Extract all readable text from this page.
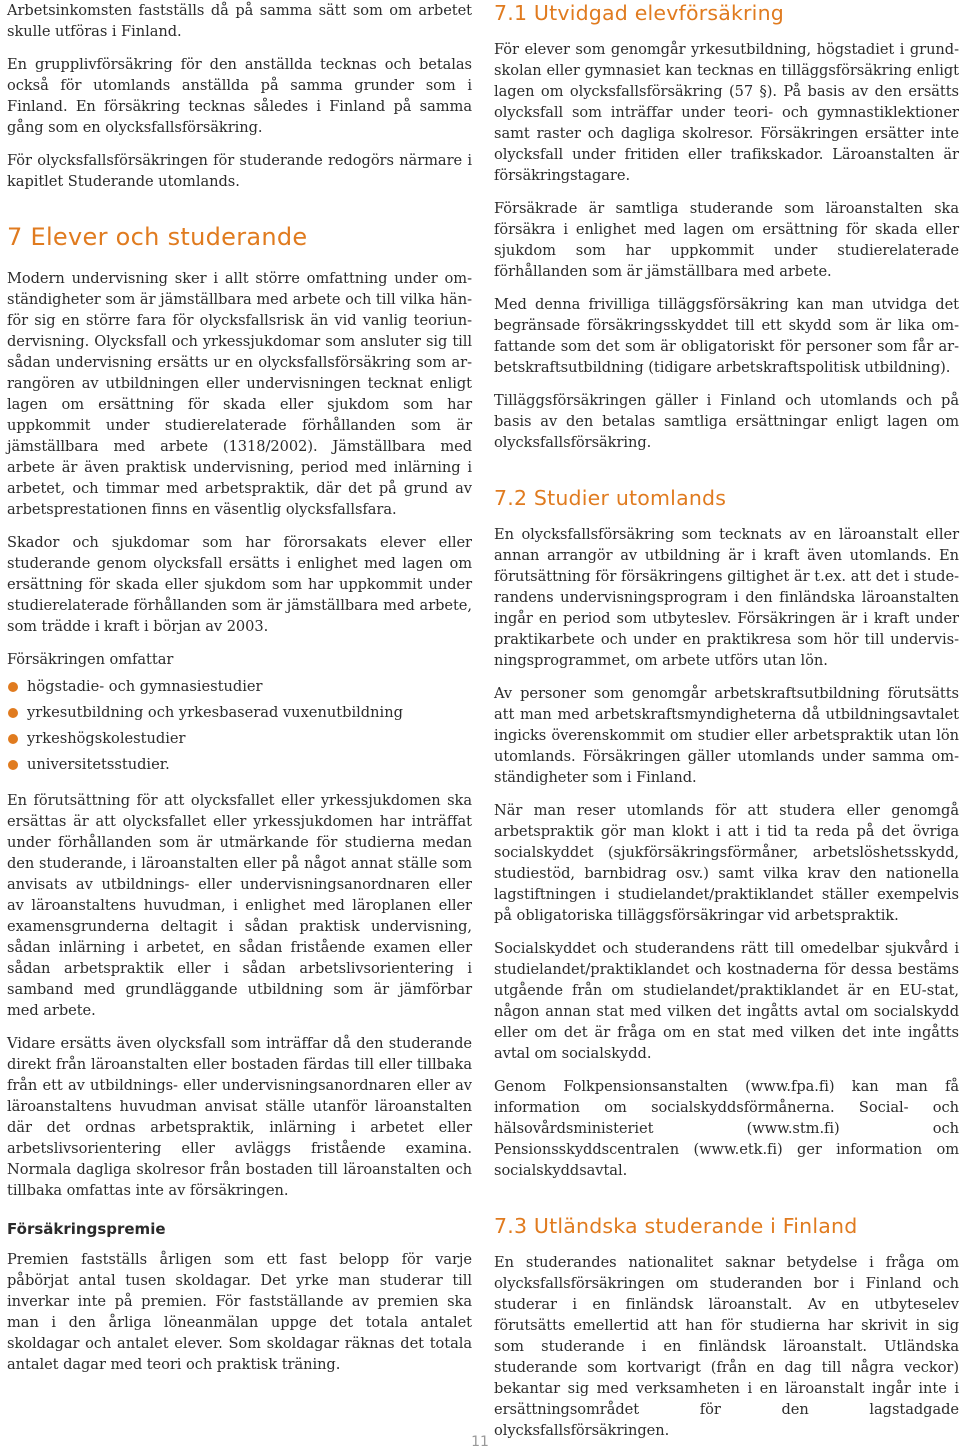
Arbetsinkomsten fastställs då på samma sätt som om arbetet skulle utföras i Finland.

En grupplivförsäkring för den anställda tecknas och betalas också för utomlands anställda på samma grunder som i Finland. En försäkring tecknas således i Finland på samma gång som en olycksfallsförsäkring.

För olycksfallsförsäkringen för studerande redogörs närmare i kapitlet Studerande utomlands.

7 Elever och studerande

Modern undervisning sker i allt större omfattning under omständigheter som är jämställbara med arbete och till vilka hänför sig en större fara för olycksfallsrisk än vid vanlig teoriundervisning. Olycksfall och yrkessjukdomar som ansluter sig till sådan undervisning ersätts ur en olycksfallsförsäkring som arrangören av utbildningen eller undervisningen tecknat enligt lagen om ersättning för skada eller sjukdom som har uppkommit under studierelaterade förhållanden som är jämställbara med arbete (1318/2002). Jämställbara med arbete är även praktisk undervisning, period med inlärning i arbetet, och timmar med arbetspraktik, där det på grund av arbetsprestationen finns en väsentlig olycksfallsfara.

Skador och sjukdomar som har förorsakats elever eller studerande genom olycksfall ersätts i enlighet med lagen om ersättning för skada eller sjukdom som har uppkommit under studierelaterade förhållanden som är jämställbara med arbete, som trädde i kraft i början av 2003.

Försäkringen omfattar

högstadie- och gymnasiestudier
yrkesutbildning och yrkesbaserad vuxenutbildning
yrkeshögskolestudier
universitetsstudier.

En förutsättning för att olycksfallet eller yrkessjukdomen ska ersättas är att olycksfallet eller yrkessjukdomen har inträffat under förhållanden som är utmärkande för studierna medan den studerande, i läroanstalten eller på något annat ställe som anvisats av utbildnings- eller undervisningsanordnaren eller av läroanstaltens huvudman, i enlighet med läroplanen eller examensgrunderna deltagit i sådan praktisk undervisning, sådan inlärning i arbetet, en sådan fristående examen eller sådan arbetspraktik eller i sådan arbetslivsorientering i samband med grundläggande utbildning som är jämförbar med arbete.

Vidare ersätts även olycksfall som inträffar då den studerande direkt från läroanstalten eller bostaden färdas till eller tillbaka från ett av utbildnings- eller undervisningsanordnaren eller av läroanstaltens huvudman anvisat ställe utanför läroanstalten där det ordnas arbetspraktik, inlärning i arbetet eller arbetslivsorientering eller avläggs fristående examina. Normala dagliga skolresor från bostaden till läroanstalten och tillbaka omfattas inte av försäkringen.

Försäkringspremie

Premien fastställs årligen som ett fast belopp för varje påbörjat antal tusen skoldagar. Det yrke man studerar till inverkar inte på premien. För fastställande av premien ska man i den årliga löneanmälan uppge det totala antalet skoldagar och antalet elever. Som skoldagar räknas det totala antalet dagar med teori och praktisk träning.

7.1 Utvidgad elevförsäkring

För elever som genomgår yrkesutbildning, högstadiet i grundskolan eller gymnasiet kan tecknas en tilläggsförsäkring enligt lagen om olycksfallsförsäkring (57 §). På basis av den ersätts olycksfall som inträffar under teori- och gymnastiklektioner samt raster och dagliga skolresor. Försäkringen ersätter inte olycksfall under fritiden eller trafikskador. Läroanstalten är försäkringstagare.

Försäkrade är samtliga studerande som läroanstalten ska försäkra i enlighet med lagen om ersättning för skada eller sjukdom som har uppkommit under studierelaterade förhållanden som är jämställbara med arbete.

Med denna frivilliga tilläggsförsäkring kan man utvidga det begränsade försäkringsskyddet till ett skydd som är lika omfattande som det som är obligatoriskt för personer som får arbetskraftsutbildning (tidigare arbetskraftspolitisk utbildning).

Tilläggsförsäkringen gäller i Finland och utomlands och på basis av den betalas samtliga ersättningar enligt lagen om olycksfallsförsäkring.

7.2 Studier utomlands

En olycksfallsförsäkring som tecknats av en läroanstalt eller annan arrangör av utbildning är i kraft även utomlands. En förutsättning för försäkringens giltighet är t.ex. att det i studerandens undervisningsprogram i den finländska läroanstalten ingår en period som utbyteslev. Försäkringen är i kraft under praktikarbete och under en praktikresa som hör till undervisningsprogrammet, om arbete utförs utan lön.

Av personer som genomgår arbetskraftsutbildning förutsätts att man med arbetskraftsmyndigheterna då utbildningsavtalet ingicks överenskommit om studier eller arbetspraktik utan lön utomlands. Försäkringen gäller utomlands under samma omständigheter som i Finland.

När man reser utomlands för att studera eller genomgå arbetspraktik gör man klokt i att i tid ta reda på det övriga socialskyddet (sjukförsäkringsförmåner, arbetslöshetsskydd, studiestöd, barnbidrag osv.) samt vilka krav den nationella lagstiftningen i studielandet/praktiklandet ställer exempelvis på obligatoriska tilläggsförsäkringar vid arbetspraktik.

Socialskyddet och studerandens rätt till omedelbar sjukvård i studielandet/praktiklandet och kostnaderna för dessa bestäms utgående från om studielandet/praktiklandet är en EU-stat, någon annan stat med vilken det ingåtts avtal om socialskydd eller om det är fråga om en stat med vilken det inte ingåtts avtal om socialskydd.

Genom Folkpensionsanstalten (www.fpa.fi) kan man få information om socialskyddsförmånerna. Social- och hälsovårdsministeriet (www.stm.fi) och Pensionsskyddscentralen (www.etk.fi) ger information om socialskyddsavtal.

7.3 Utländska studerande i Finland

En studerandes nationalitet saknar betydelse i fråga om olycksfallsförsäkringen om studeranden bor i Finland och studerar i en finländsk läroanstalt. Av en utbyteselev förutsätts emellertid att han för studierna har skrivit in sig som studerande i en finländsk läroanstalt. Utländska studerande som kortvarigt (från en dag till några veckor) bekantar sig med verksamheten i en läroanstalt ingår inte i ersättningsområdet för den lagstadgade olycksfallsförsäkringen.

11
